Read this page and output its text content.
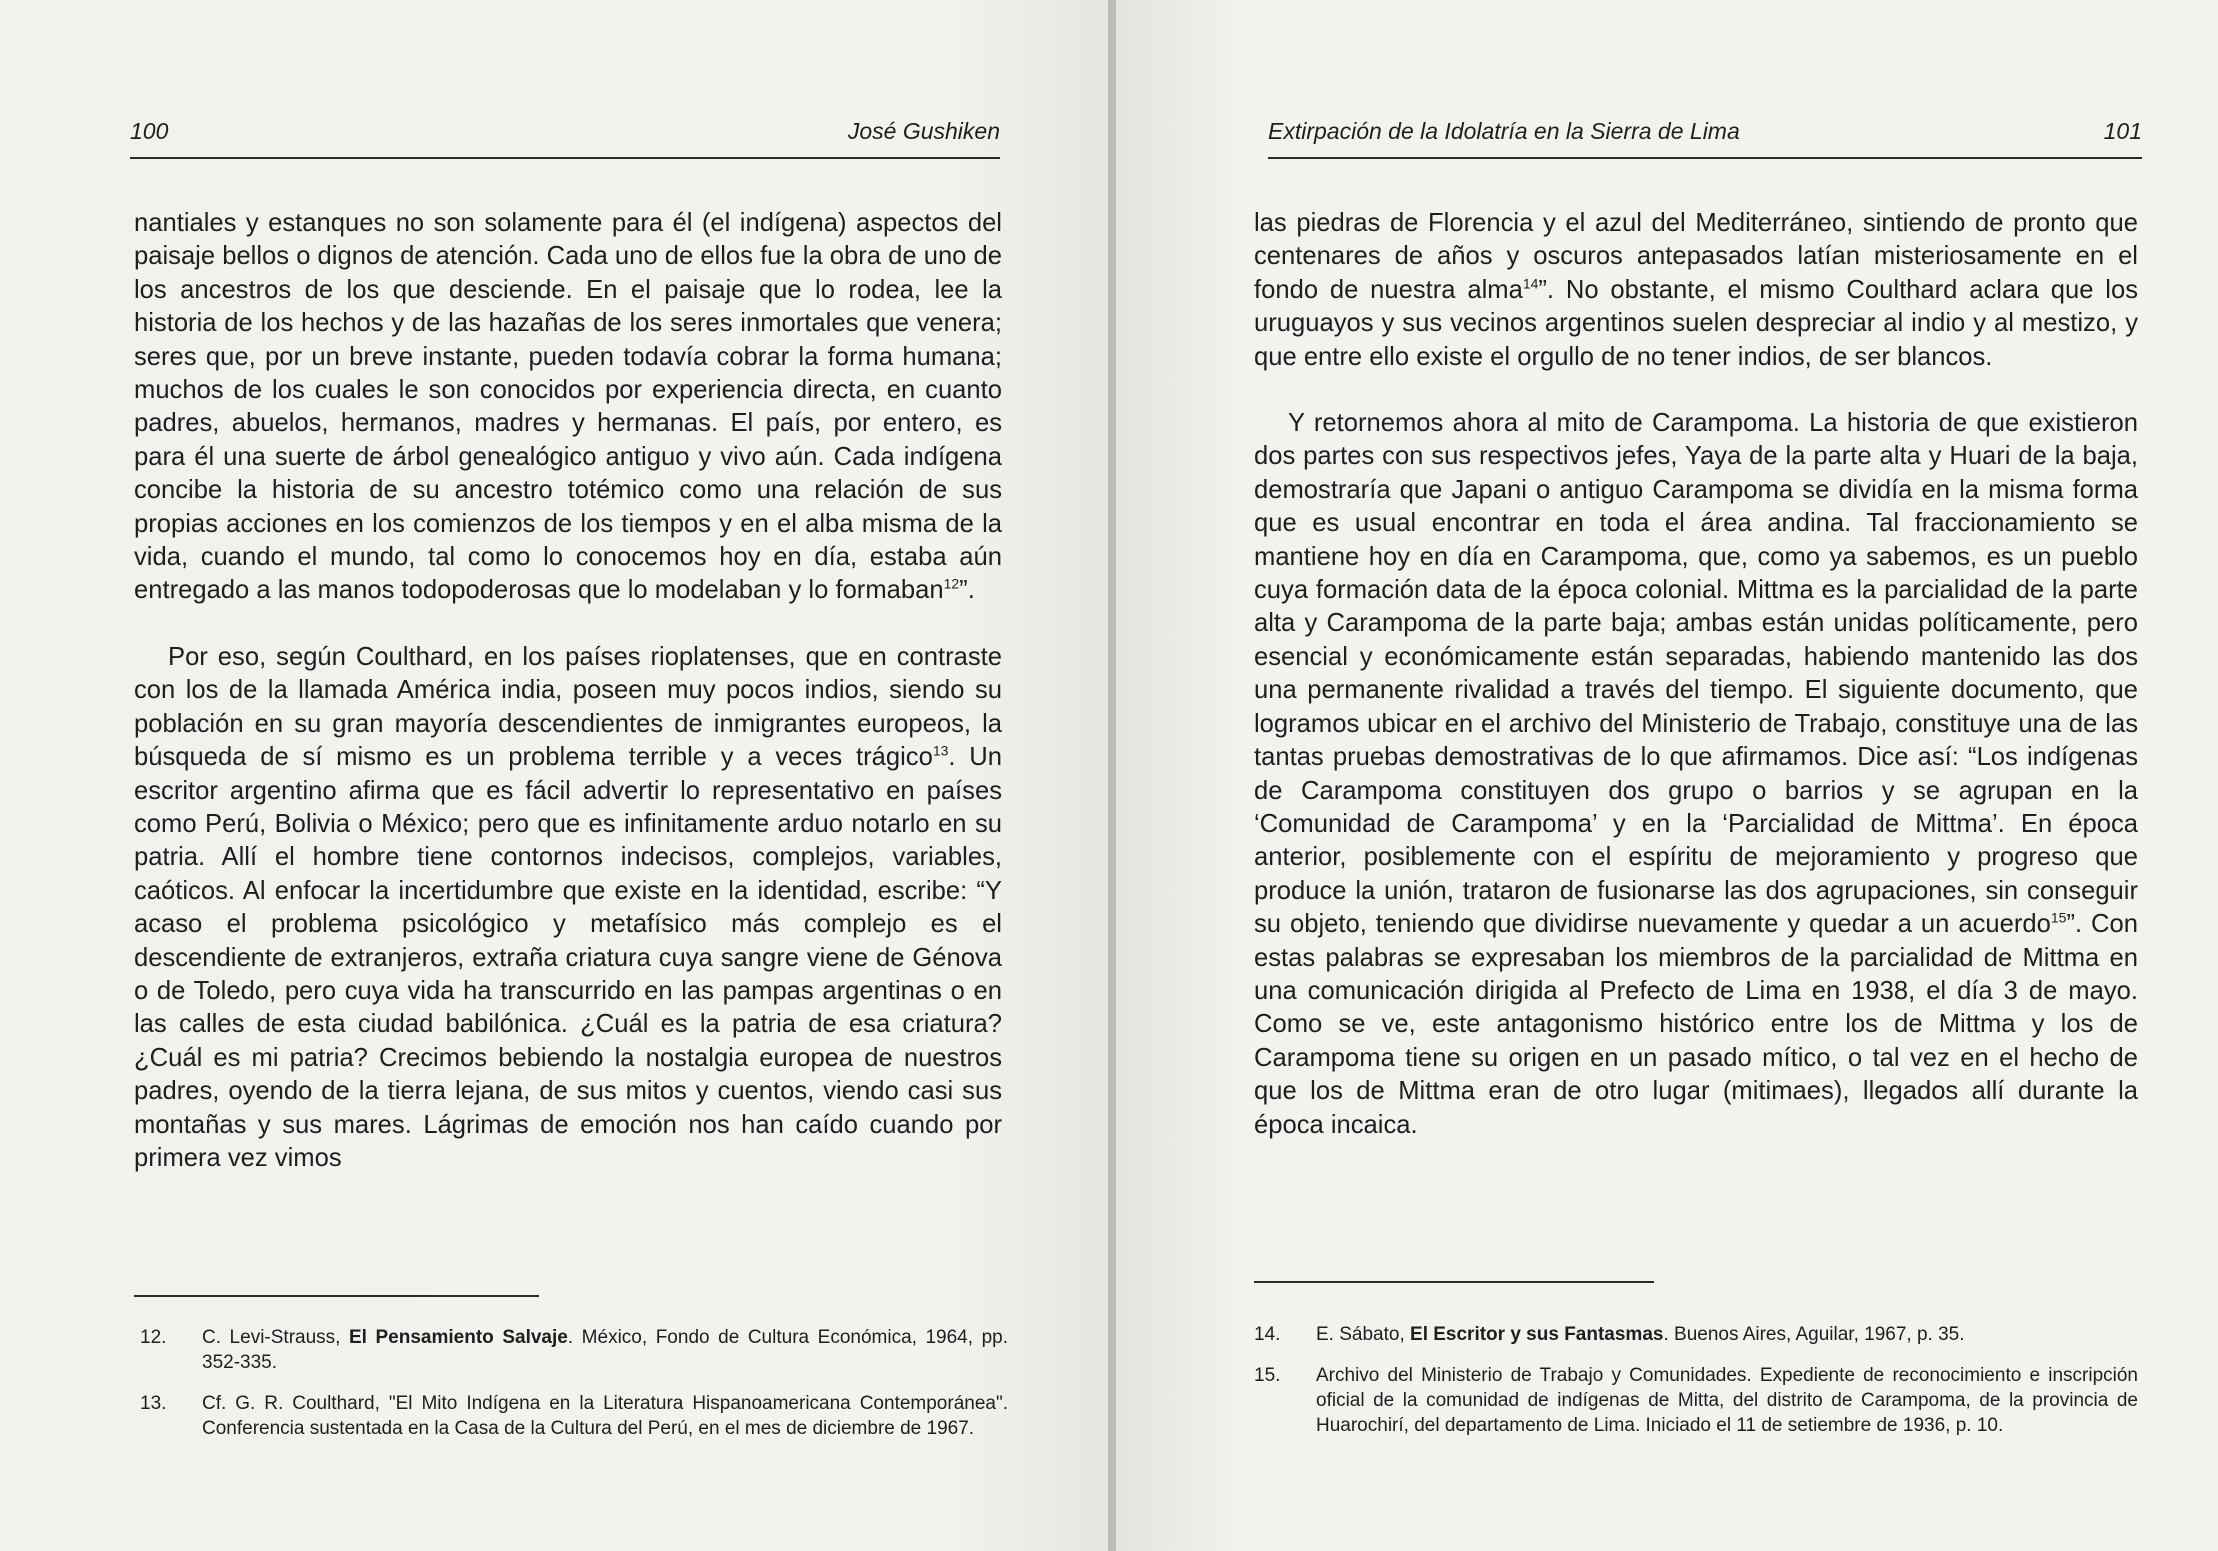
100	José Gushiken

nantiales y estanques no son solamente para él (el indígena) aspectos del paisaje bellos o dignos de atención. Cada uno de ellos fue la obra de uno de los ancestros de los que desciende. En el paisaje que lo rodea, lee la historia de los hechos y de las hazañas de los seres inmortales que venera; seres que, por un breve instante, pueden todavía cobrar la forma humana; muchos de los cuales le son conocidos por experiencia directa, en cuanto padres, abuelos, hermanos, madres y hermanas. El país, por entero, es para él una suerte de árbol genealógico antiguo y vivo aún. Cada indígena concibe la historia de su ancestro totémico como una relación de sus propias acciones en los comienzos de los tiempos y en el alba misma de la vida, cuando el mundo, tal como lo conocemos hoy en día, estaba aún entregado a las manos todopoderosas que lo modelaban y lo formaban$^{12}$”.

Por eso, según Coulthard, en los países rioplatenses, que en contraste con los de la llamada América india, poseen muy pocos indios, siendo su población en su gran mayoría descendientes de inmigrantes europeos, la búsqueda de sí mismo es un problema terrible y a veces trágico$^{13}$. Un escritor argentino afirma que es fácil advertir lo representativo en países como Perú, Bolivia o México; pero que es infinitamente arduo notarlo en su patria. Allí el hombre tiene contornos indecisos, complejos, variables, caóticos. Al enfocar la incertidumbre que existe en la identidad, escribe: “Y acaso el problema psicológico y metafísico más complejo es el descendiente de extranjeros, extraña criatura cuya sangre viene de Génova o de Toledo, pero cuya vida ha transcurrido en las pampas argentinas o en las calles de esta ciudad babilónica. ¿Cuál es la patria de esa criatura? ¿Cuál es mi patria? Crecimos bebiendo la nostalgia europea de nuestros padres, oyendo de la tierra lejana, de sus mitos y cuentos, viendo casi sus montañas y sus mares. Lágrimas de emoción nos han caído cuando por primera vez vimos

12. C. Levi-Strauss, El Pensamiento Salvaje. México, Fondo de Cultura Económica, 1964, pp. 352-335.
13. Cf. G. R. Coulthard, "El Mito Indígena en la Literatura Hispanoamericana Contemporánea". Conferencia sustentada en la Casa de la Cultura del Perú, en el mes de diciembre de 1967.
Extirpación de la Idolatría en la Sierra de Lima	101

las piedras de Florencia y el azul del Mediterráneo, sintiendo de pronto que centenares de años y oscuros antepasados latían misteriosamente en el fondo de nuestra alma$^{14}$”. No obstante, el mismo Coulthard aclara que los uruguayos y sus vecinos argentinos suelen despreciar al indio y al mestizo, y que entre ello existe el orgullo de no tener indios, de ser blancos.

Y retornemos ahora al mito de Carampoma. La historia de que existieron dos partes con sus respectivos jefes, Yaya de la parte alta y Huari de la baja, demostraría que Japani o antiguo Carampoma se dividía en la misma forma que es usual encontrar en toda el área andina. Tal fraccionamiento se mantiene hoy en día en Carampoma, que, como ya sabemos, es un pueblo cuya formación data de la época colonial. Mittma es la parcialidad de la parte alta y Carampoma de la parte baja; ambas están unidas políticamente, pero esencial y económicamente están separadas, habiendo mantenido las dos una permanente rivalidad a través del tiempo. El siguiente documento, que logramos ubicar en el archivo del Ministerio de Trabajo, constituye una de las tantas pruebas demostrativas de lo que afirmamos. Dice así: “Los indígenas de Carampoma constituyen dos grupo o barrios y se agrupan en la ‘Comunidad de Carampoma’ y en la ‘Parcialidad de Mittma’. En época anterior, posiblemente con el espíritu de mejoramiento y progreso que produce la unión, trataron de fusionarse las dos agrupaciones, sin conseguir su objeto, teniendo que dividirse nuevamente y quedar a un acuerdo$^{15}$”. Con estas palabras se expresaban los miembros de la parcialidad de Mittma en una comunicación dirigida al Prefecto de Lima en 1938, el día 3 de mayo. Como se ve, este antagonismo histórico entre los de Mittma y los de Carampoma tiene su origen en un pasado mítico, o tal vez en el hecho de que los de Mittma eran de otro lugar (mitimaes), llegados allí durante la época incaica.

14. E. Sábato, El Escritor y sus Fantasmas. Buenos Aires, Aguilar, 1967, p. 35.
15. Archivo del Ministerio de Trabajo y Comunidades. Expediente de reconocimiento e inscripción oficial de la comunidad de indígenas de Mitta, del distrito de Carampoma, de la provincia de Huarochirí, del departamento de Lima. Iniciado el 11 de setiembre de 1936, p. 10.
